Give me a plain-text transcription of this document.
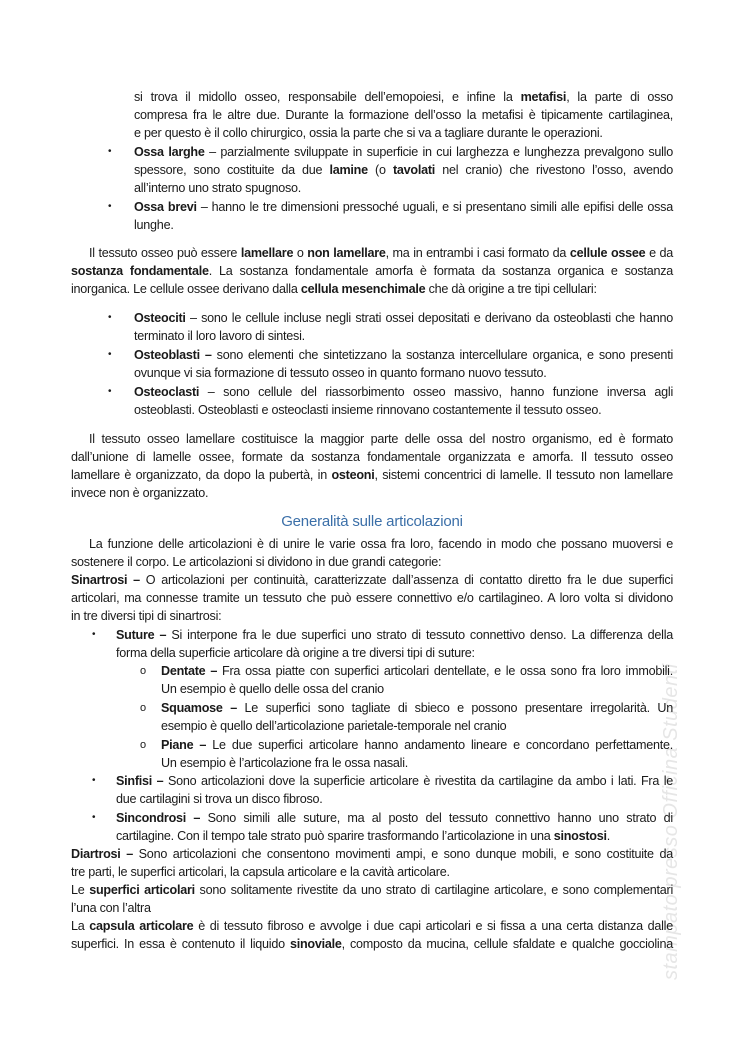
stampato presso Officina Studenti
Generalità sulle articolazioni
si trova il midollo osseo, responsabile dell’emopoiesi, e infine la metafisi, la parte di osso
compresa fra le altre due. Durante la formazione dell’osso la metafisi è tipicamente cartilaginea,
e per questo è il collo chirurgico, ossia la parte che si va a tagliare durante le operazioni.
• Ossa larghe – parzialmente sviluppate in superficie in cui larghezza e lunghezza prevalgono sullo
spessore, sono costituite da due lamine (o tavolati nel cranio) che rivestono l’osso, avendo
all’interno uno strato spugnoso.
• Ossa brevi – hanno le tre dimensioni pressoché uguali, e si presentano simili alle epifisi delle ossa
lunghe.
Il tessuto osseo può essere lamellare o non lamellare, ma in entrambi i casi formato da cellule ossee e da
sostanza fondamentale. La sostanza fondamentale amorfa è formata da sostanza organica e sostanza
inorganica. Le cellule ossee derivano dalla cellula mesenchimale che dà origine a tre tipi cellulari:
• Osteociti – sono le cellule incluse negli strati ossei depositati e derivano da osteoblasti che hanno
terminato il loro lavoro di sintesi.
• Osteoblasti – sono elementi che sintetizzano la sostanza intercellulare organica, e sono presenti
ovunque vi sia formazione di tessuto osseo in quanto formano nuovo tessuto.
• Osteoclasti – sono cellule del riassorbimento osseo massivo, hanno funzione inversa agli
osteoblasti. Osteoblasti e osteoclasti insieme rinnovano costantemente il tessuto osseo.
Il tessuto osseo lamellare costituisce la maggior parte delle ossa del nostro organismo, ed è formato
dall’unione di lamelle ossee, formate da sostanza fondamentale organizzata e amorfa. Il tessuto osseo
lamellare è organizzato, da dopo la pubertà, in osteoni, sistemi concentrici di lamelle. Il tessuto non lamellare
invece non è organizzato.
La funzione delle articolazioni è di unire le varie ossa fra loro, facendo in modo che possano muoversi e
sostenere il corpo. Le articolazioni si dividono in due grandi categorie:
Sinartrosi – O articolazioni per continuità, caratterizzate dall’assenza di contatto diretto fra le due superfici
articolari, ma connesse tramite un tessuto che può essere connettivo e/o cartilagineo. A loro volta si dividono
in tre diversi tipi di sinartrosi:
• Suture – Si interpone fra le due superfici uno strato di tessuto connettivo denso. La differenza della
forma della superficie articolare dà origine a tre diversi tipi di suture:
o Dentate – Fra ossa piatte con superfici articolari dentellate, e le ossa sono fra loro immobili.
Un esempio è quello delle ossa del cranio
o Squamose – Le superfici sono tagliate di sbieco e possono presentare irregolarità. Un
esempio è quello dell’articolazione parietale-temporale nel cranio
o Piane – Le due superfici articolare hanno andamento lineare e concordano perfettamente.
Un esempio è l’articolazione fra le ossa nasali.
• Sinfisi – Sono articolazioni dove la superficie articolare è rivestita da cartilagine da ambo i lati. Fra le
due cartilagini si trova un disco fibroso.
• Sincondrosi – Sono simili alle suture, ma al posto del tessuto connettivo hanno uno strato di
cartilagine. Con il tempo tale strato può sparire trasformando l’articolazione in una sinostosi.
Diartrosi – Sono articolazioni che consentono movimenti ampi, e sono dunque mobili, e sono costituite da
tre parti, le superfici articolari, la capsula articolare e la cavità articolare.
Le superfici articolari sono solitamente rivestite da uno strato di cartilagine articolare, e sono complementari
l’una con l’altra
La capsula articolare è di tessuto fibroso e avvolge i due capi articolari e si fissa a una certa distanza dalle
superfici. In essa è contenuto il liquido sinoviale, composto da mucina, cellule sfaldate e qualche gocciolina
